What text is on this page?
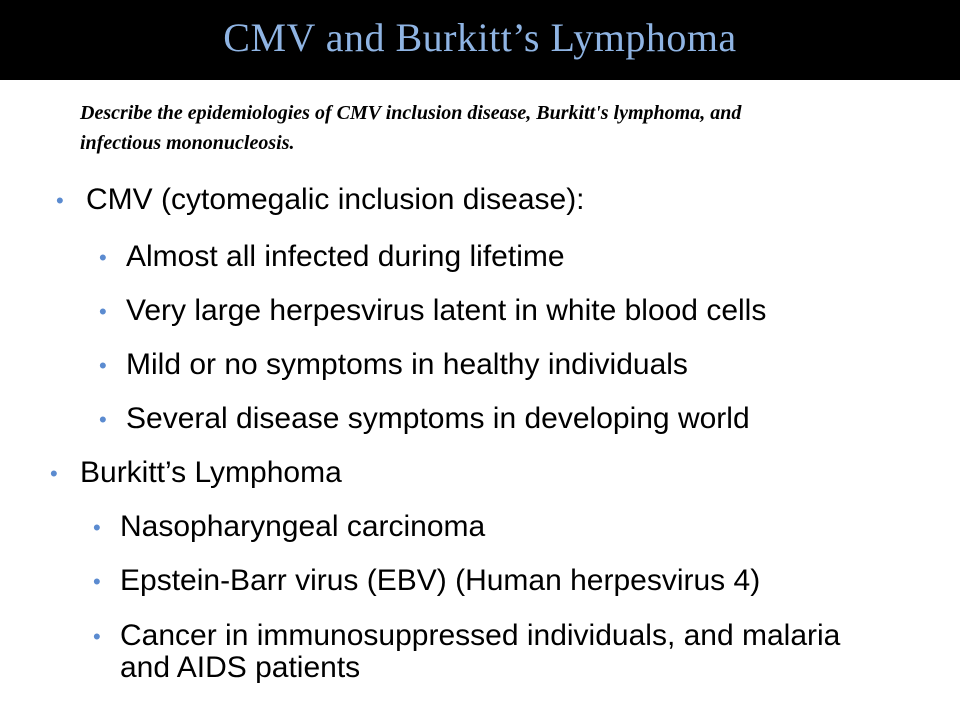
CMV and Burkitt’s Lymphoma
Describe the epidemiologies of CMV inclusion disease, Burkitt's lymphoma, and infectious mononucleosis.
• CMV (cytomegalic inclusion disease):
• Almost all infected during lifetime
• Very large herpesvirus latent in white blood cells
• Mild or no symptoms in healthy individuals
• Several disease symptoms in developing world
• Burkitt’s Lymphoma
• Nasopharyngeal carcinoma
• Epstein-Barr virus (EBV) (Human herpesvirus 4)
• Cancer in immunosuppressed individuals, and malaria and AIDS patients
